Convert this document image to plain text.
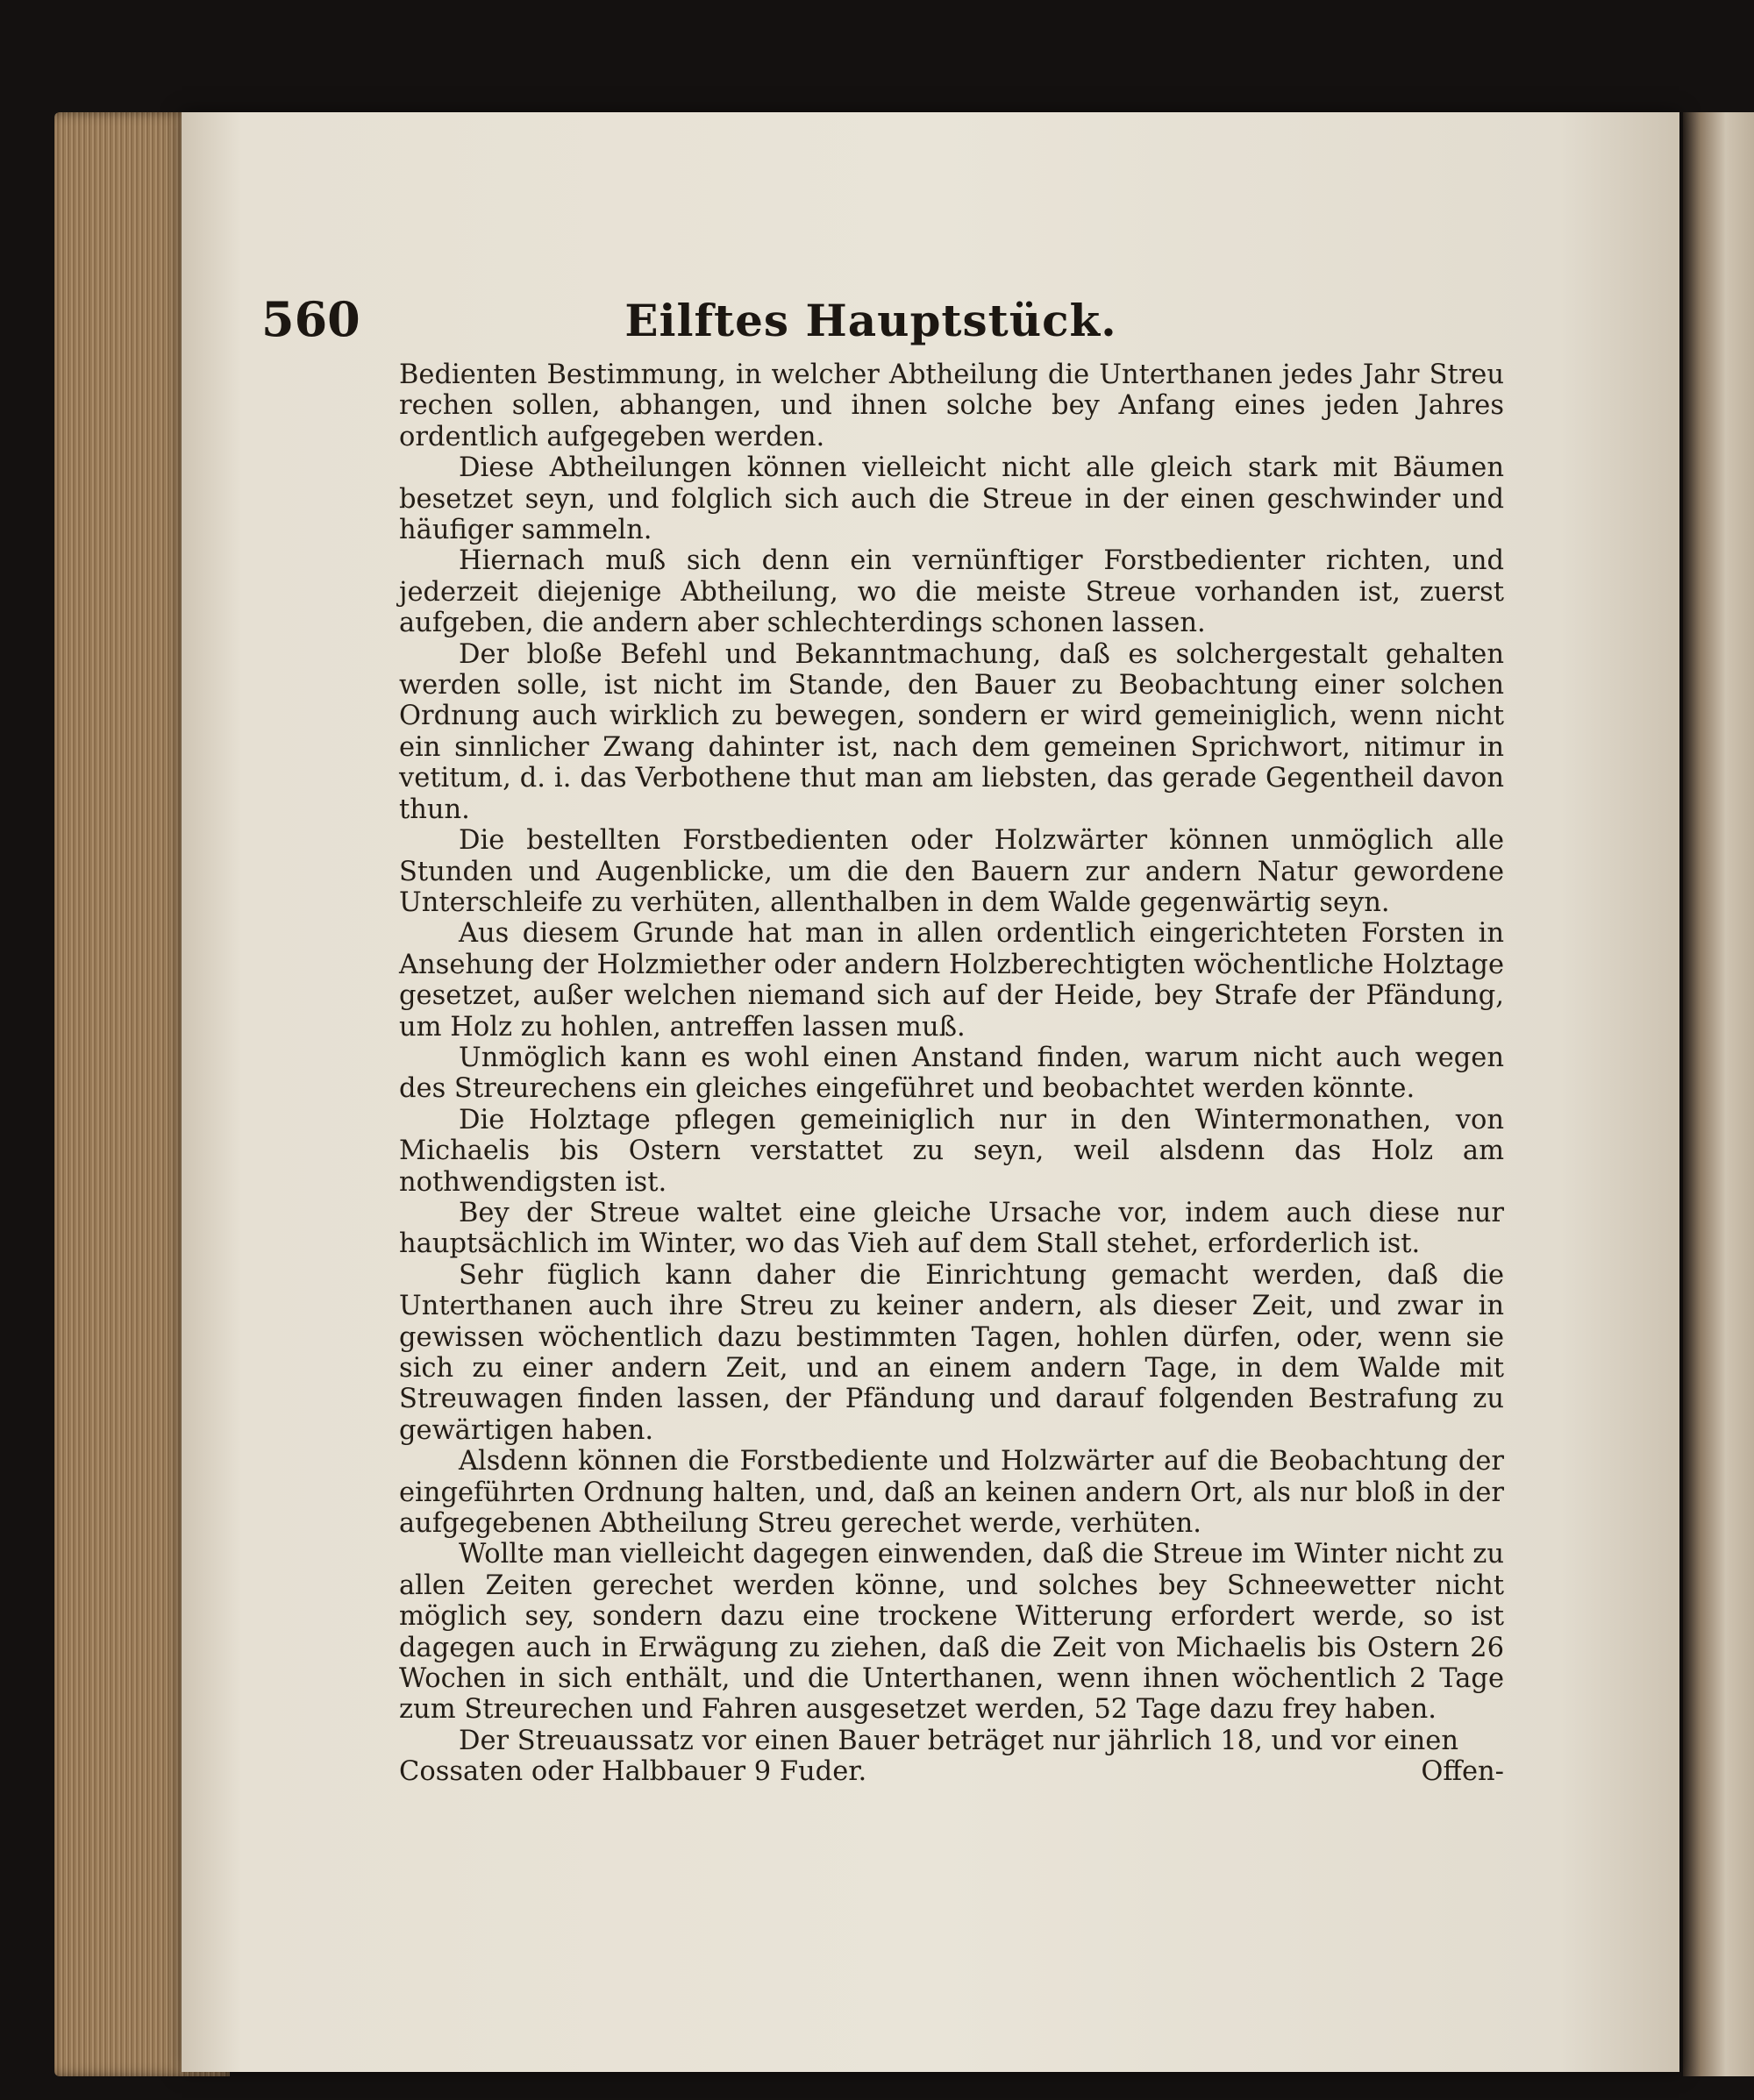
560	Eilftes Hauptstück.

Bedienten Bestimmung, in welcher Abtheilung die Unterthanen jedes Jahr Streu rechen sollen, abhangen, und ihnen solche bey Anfang eines jeden Jahres ordentlich aufgegeben werden.

Diese Abtheilungen können vielleicht nicht alle gleich stark mit Bäumen besetzet seyn, und folglich sich auch die Streue in der einen geschwinder und häufiger sammeln.

Hiernach muß sich denn ein vernünftiger Forstbedienter richten, und jederzeit diejenige Abtheilung, wo die meiste Streue vorhanden ist, zuerst aufgeben, die andern aber schlechterdings schonen lassen.

Der bloße Befehl und Bekanntmachung, daß es solchergestalt gehalten werden solle, ist nicht im Stande, den Bauer zu Beobachtung einer solchen Ordnung auch wirklich zu bewegen, sondern er wird gemeiniglich, wenn nicht ein sinnlicher Zwang dahinter ist, nach dem gemeinen Sprichwort, nitimur in vetitum, d. i. das Verbothene thut man am liebsten, das gerade Gegentheil davon thun.

Die bestellten Forstbedienten oder Holzwärter können unmöglich alle Stunden und Augenblicke, um die den Bauern zur andern Natur gewordene Unterschleife zu verhüten, allenthalben in dem Walde gegenwärtig seyn.

Aus diesem Grunde hat man in allen ordentlich eingerichteten Forsten in Ansehung der Holzmiether oder andern Holzberechtigten wöchentliche Holztage gesetzet, außer welchen niemand sich auf der Heide, bey Strafe der Pfändung, um Holz zu hohlen, antreffen lassen muß.

Unmöglich kann es wohl einen Anstand finden, warum nicht auch wegen des Streurechens ein gleiches eingeführet und beobachtet werden könnte.

Die Holztage pflegen gemeiniglich nur in den Wintermonathen, von Michaelis bis Ostern verstattet zu seyn, weil alsdenn das Holz am nothwendigsten ist.

Bey der Streue waltet eine gleiche Ursache vor, indem auch diese nur hauptsächlich im Winter, wo das Vieh auf dem Stall stehet, erforderlich ist.

Sehr füglich kann daher die Einrichtung gemacht werden, daß die Unterthanen auch ihre Streu zu keiner andern, als dieser Zeit, und zwar in gewissen wöchentlich dazu bestimmten Tagen, hohlen dürfen, oder, wenn sie sich zu einer andern Zeit, und an einem andern Tage, in dem Walde mit Streuwagen finden lassen, der Pfändung und darauf folgenden Bestrafung zu gewärtigen haben.

Alsdenn können die Forstbediente und Holzwärter auf die Beobachtung der eingeführten Ordnung halten, und, daß an keinen andern Ort, als nur bloß in der aufgegebenen Abtheilung Streu gerechet werde, verhüten.

Wollte man vielleicht dagegen einwenden, daß die Streue im Winter nicht zu allen Zeiten gerechet werden könne, und solches bey Schneewetter nicht möglich sey, sondern dazu eine trockene Witterung erfordert werde, so ist dagegen auch in Erwägung zu ziehen, daß die Zeit von Michaelis bis Ostern 26 Wochen in sich enthält, und die Unterthanen, wenn ihnen wöchentlich 2 Tage zum Streurechen und Fahren ausgesetzet werden, 52 Tage dazu frey haben.

Der Streuaussatz vor einen Bauer beträget nur jährlich 18, und vor einen

Cossaten oder Halbbauer 9 Fuder.	Offen-
